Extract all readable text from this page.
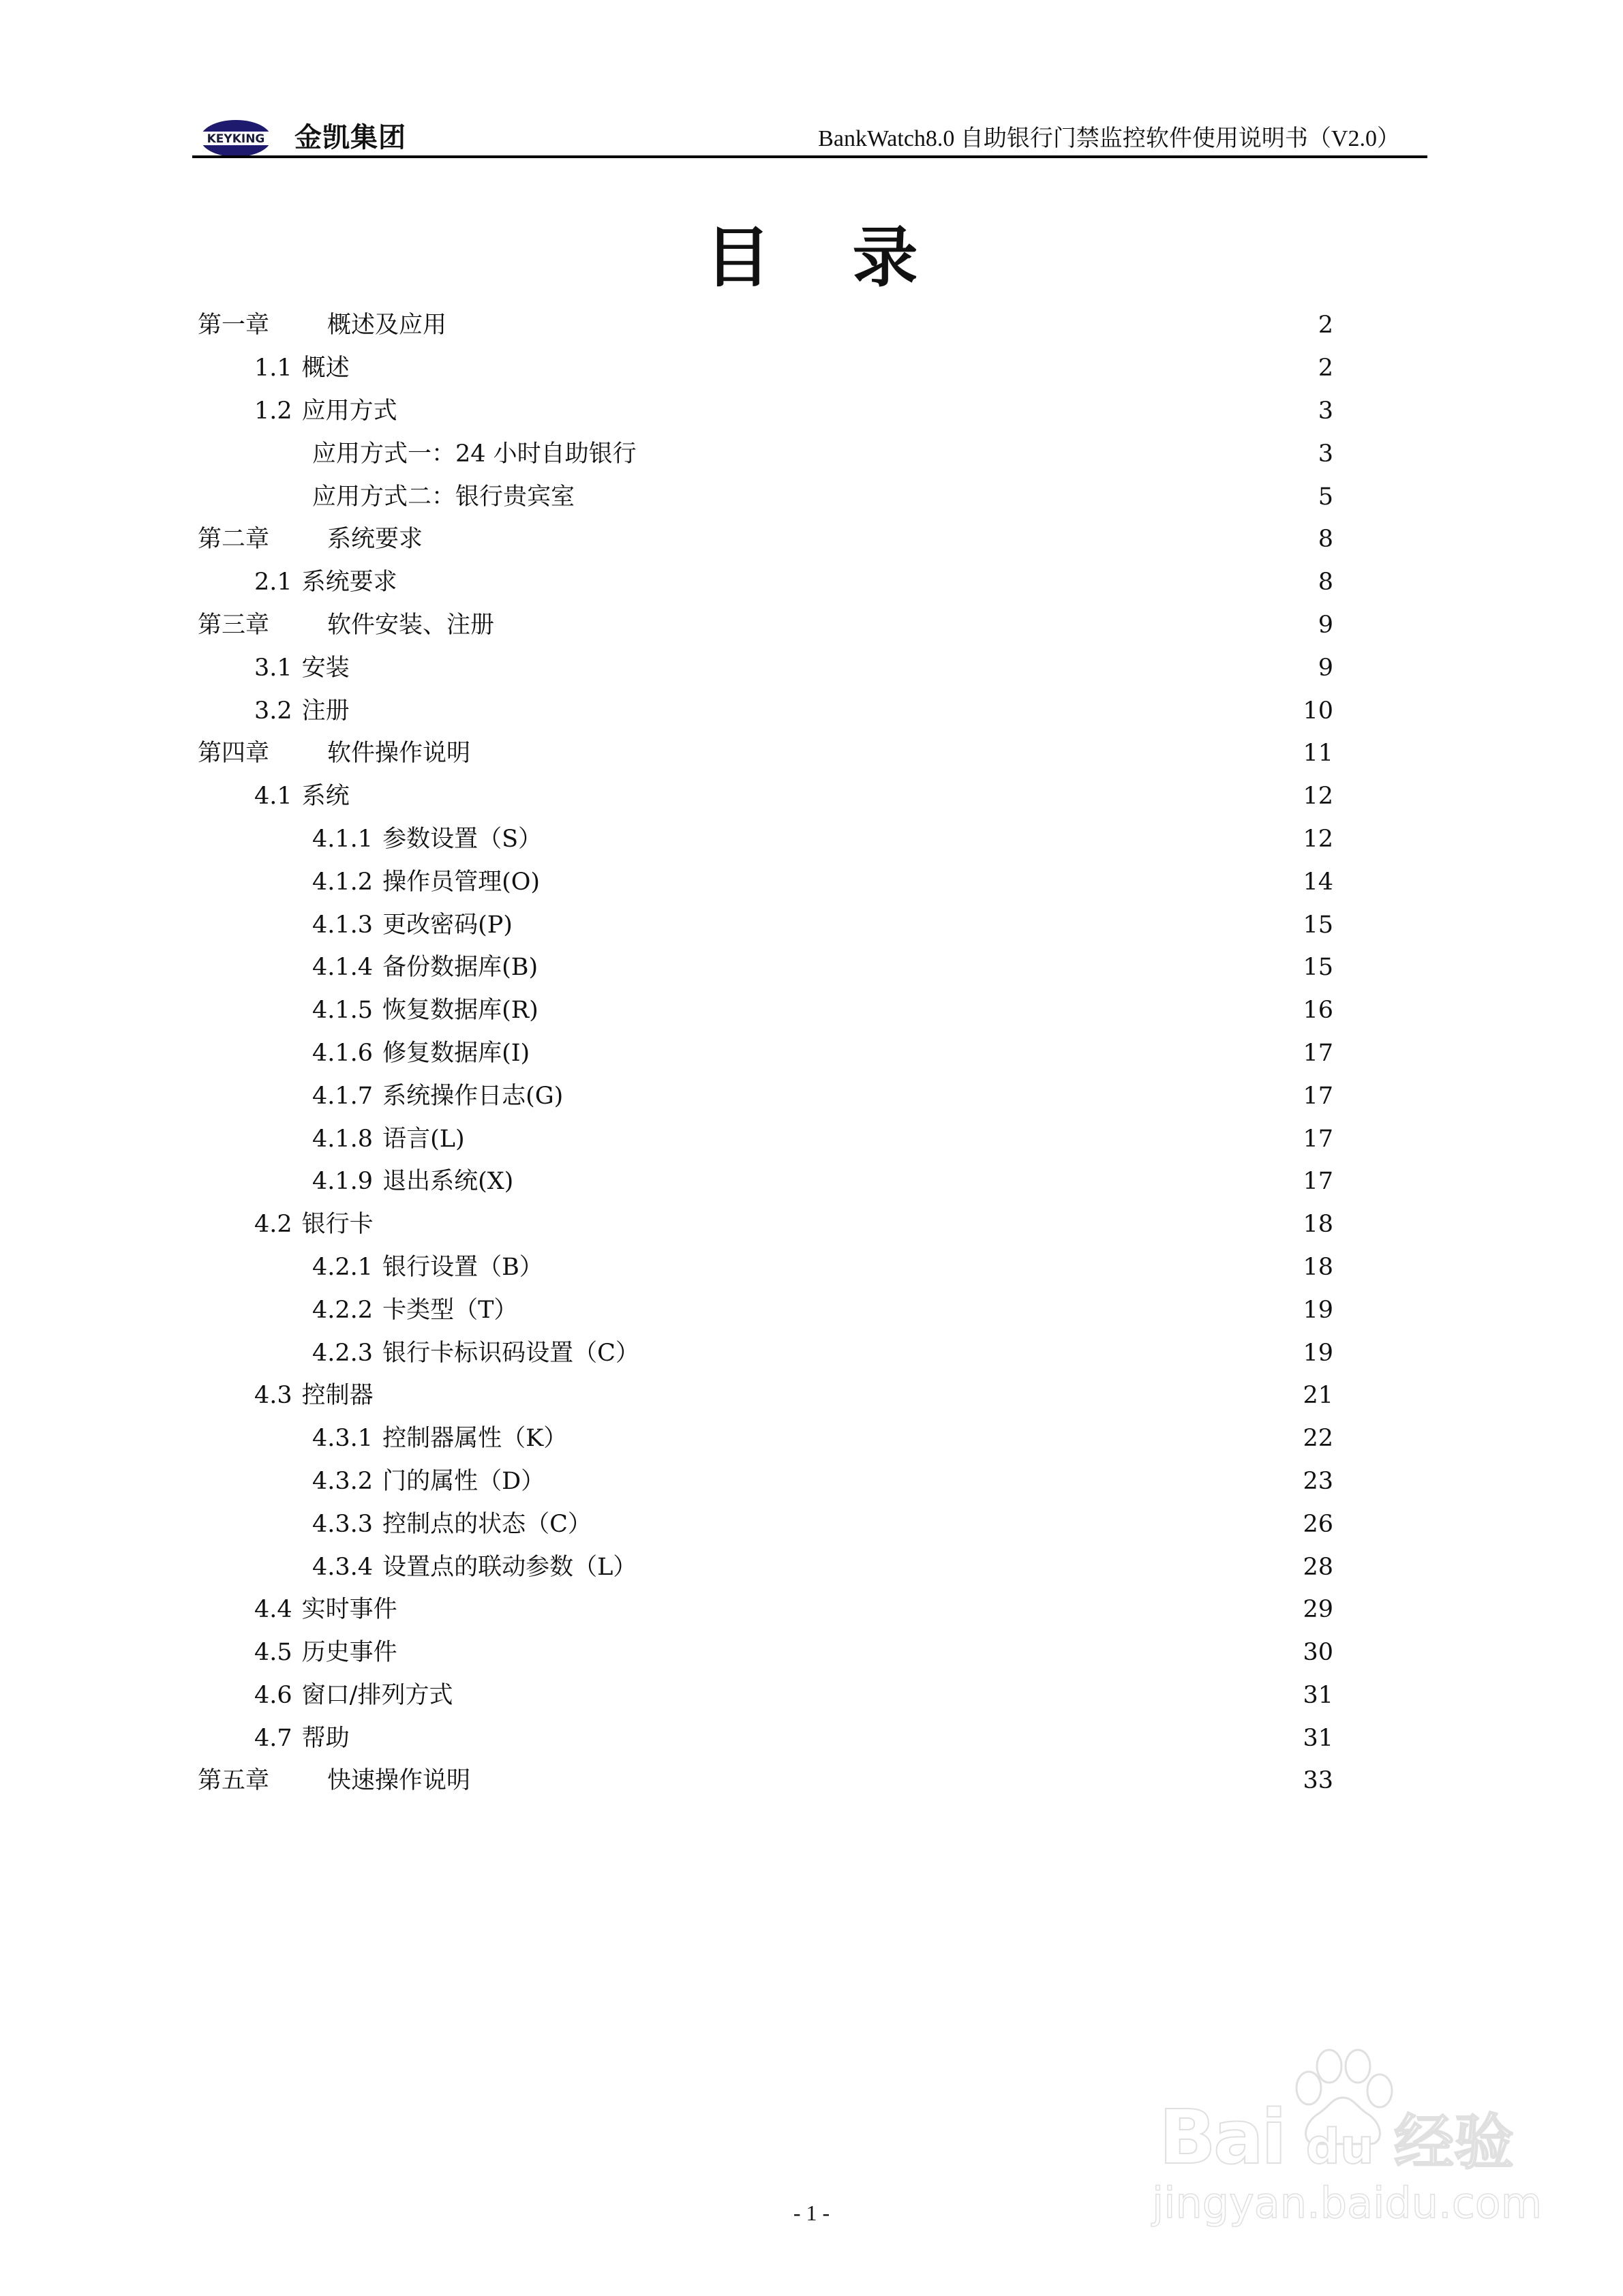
KEYKING 金凯集团	BankWatch8.0 自助银行门禁监控软件使用说明书（V2.0）
目 录
第一章	概述及应用	2
1.1 概述	2
1.2 应用方式	3
应用方式一：24 小时自助银行	3
应用方式二：银行贵宾室	5
第二章	系统要求	8
2.1 系统要求	8
第三章	软件安装、注册	9
3.1 安装	9
3.2 注册	10
第四章	软件操作说明	11
4.1 系统	12
4.1.1 参数设置（S）	12
4.1.2 操作员管理(O)	14
4.1.3 更改密码(P)	15
4.1.4 备份数据库(B)	15
4.1.5 恢复数据库(R)	16
4.1.6 修复数据库(I)	17
4.1.7 系统操作日志(G)	17
4.1.8 语言(L)	17
4.1.9 退出系统(X)	17
4.2 银行卡	18
4.2.1 银行设置（B）	18
4.2.2 卡类型（T）	19
4.2.3 银行卡标识码设置（C）	19
4.3 控制器	21
4.3.1 控制器属性（K）	22
4.3.2 门的属性（D）	23
4.3.3 控制点的状态（C）	26
4.3.4 设置点的联动参数（L）	28
4.4 实时事件	29
4.5 历史事件	30
4.6 窗口/排列方式	31
4.7 帮助	31
第五章	快速操作说明	33
- 1 -
Bai du 经验
jingyan.baidu.com
